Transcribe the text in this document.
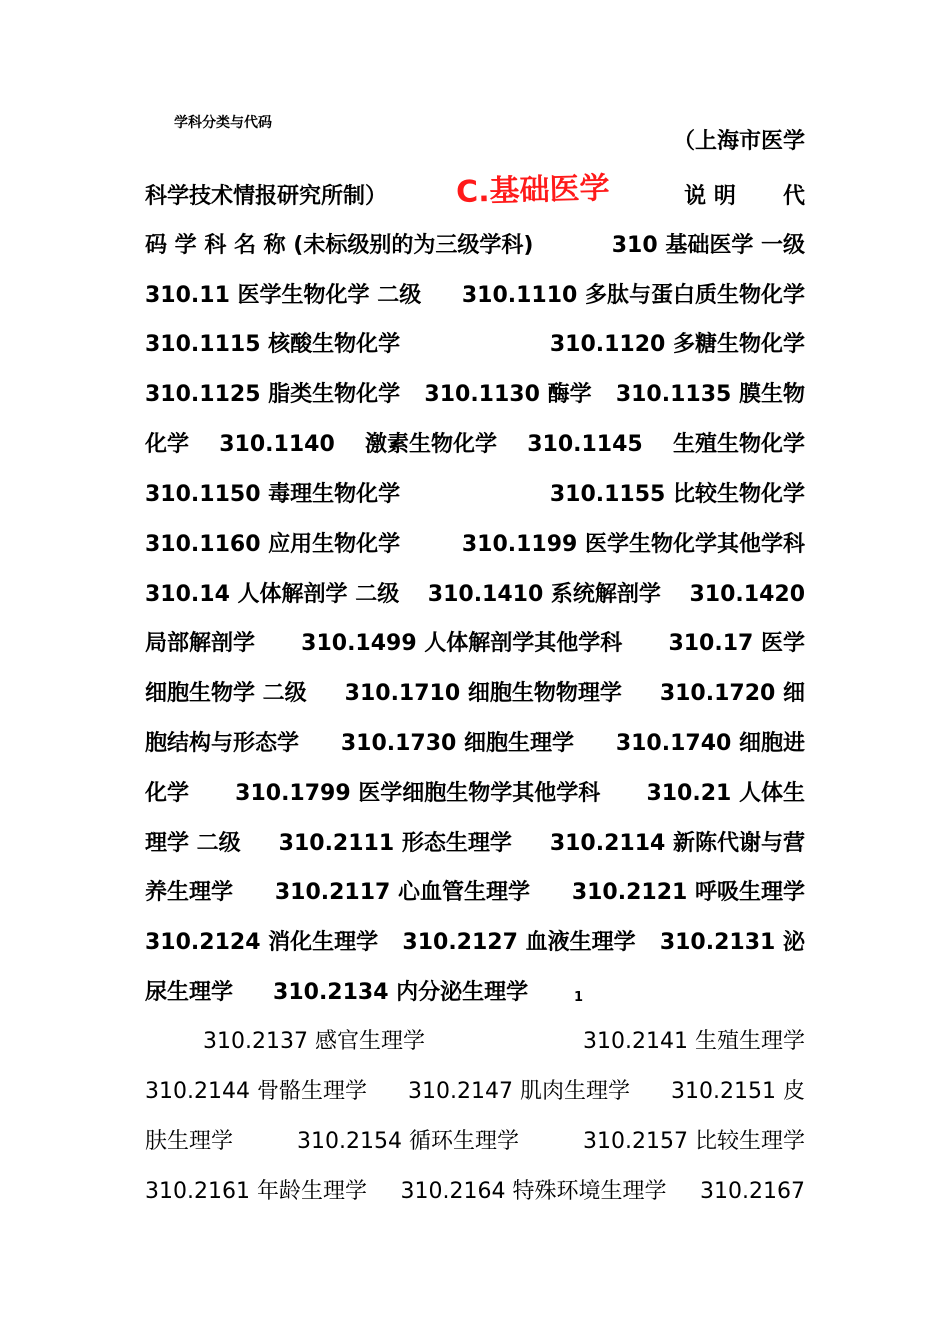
学科分类与代码
C.基础医学
（上海市医学
科学技术情报研究所制）	说 明 代
码 学 科 名 称 (未标级别的为三级学科)	310 基础医学 一级
310.11 医学生物化学 二级 310.1110 多肽与蛋白质生物化学
310.1115 核酸生物化学	310.1120 多糖生物化学
310.1125 脂类生物化学 310.1130 酶学 310.1135 膜生物
化学 310.1140 激素生物化学 310.1145 生殖生物化学
310.1150 毒理生物化学	310.1155 比较生物化学
310.1160 应用生物化学	310.1199 医学生物化学其他学科
310.14 人体解剖学 二级 310.1410 系统解剖学 310.1420
局部解剖学 310.1499 人体解剖学其他学科 310.17 医学
细胞生物学 二级 310.1710 细胞生物物理学 310.1720 细
胞结构与形态学 310.1730 细胞生理学 310.1740 细胞进
化学 310.1799 医学细胞生物学其他学科 310.21 人体生
理学 二级 310.2111 形态生理学 310.2114 新陈代谢与营
养生理学 310.2117 心血管生理学 310.2121 呼吸生理学
310.2124 消化生理学 310.2127 血液生理学 310.2131 泌
尿生理学 310.2134 内分泌生理学	1
310.2137 感官生理学	310.2141 生殖生理学
310.2144 骨骼生理学 310.2147 肌肉生理学 310.2151 皮
肤生理学	310.2154 循环生理学	310.2157 比较生理学
310.2161 年龄生理学 310.2164 特殊环境生理学 310.2167
